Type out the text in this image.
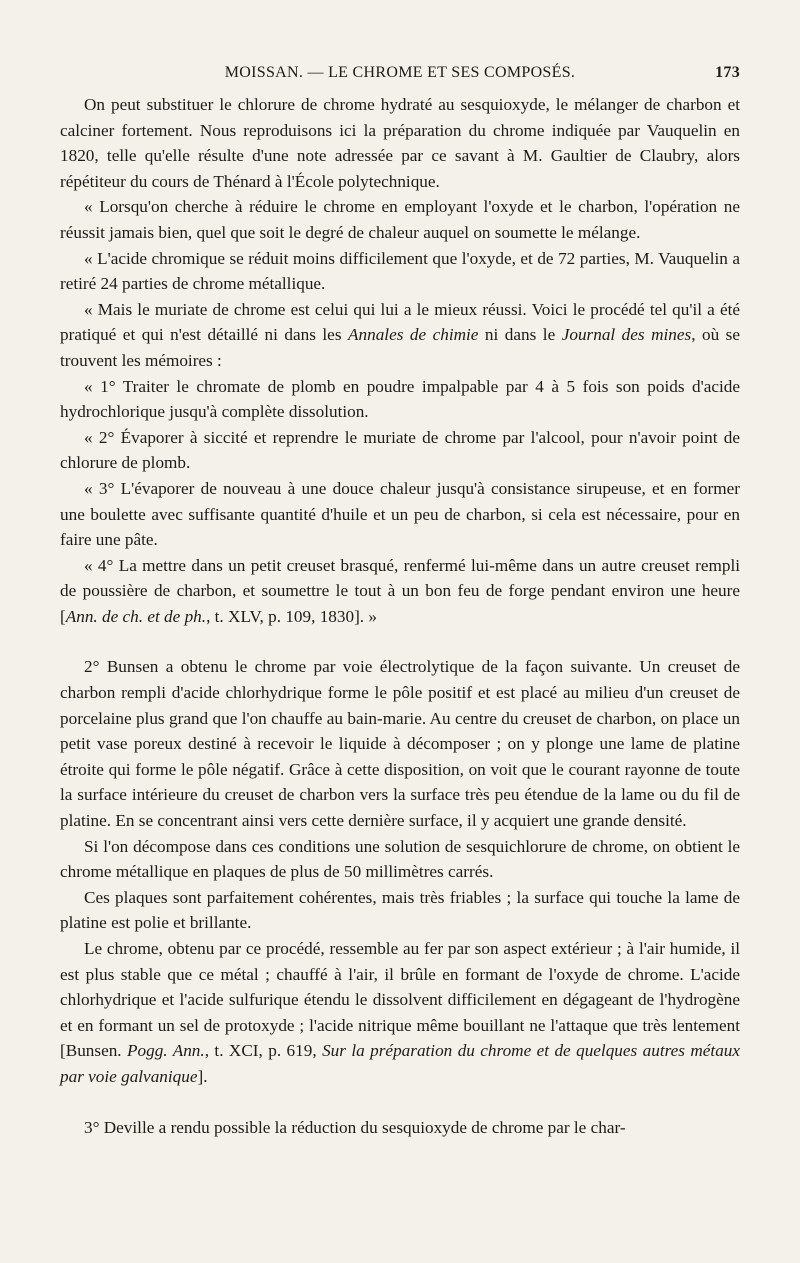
MOISSAN. — LE CHROME ET SES COMPOSÉS.	173

On peut substituer le chlorure de chrome hydraté au sesquioxyde, le mélanger de charbon et calciner fortement. Nous reproduisons ici la préparation du chrome indiquée par Vauquelin en 1820, telle qu'elle résulte d'une note adressée par ce savant à M. Gaultier de Claubry, alors répétiteur du cours de Thénard à l'École polytechnique.

« Lorsqu'on cherche à réduire le chrome en employant l'oxyde et le charbon, l'opération ne réussit jamais bien, quel que soit le degré de chaleur auquel on soumette le mélange.

« L'acide chromique se réduit moins difficilement que l'oxyde, et de 72 parties, M. Vauquelin a retiré 24 parties de chrome métallique.

« Mais le muriate de chrome est celui qui lui a le mieux réussi. Voici le procédé tel qu'il a été pratiqué et qui n'est détaillé ni dans les Annales de chimie ni dans le Journal des mines, où se trouvent les mémoires :

« 1° Traiter le chromate de plomb en poudre impalpable par 4 à 5 fois son poids d'acide hydrochlorique jusqu'à complète dissolution.

« 2° Évaporer à siccité et reprendre le muriate de chrome par l'alcool, pour n'avoir point de chlorure de plomb.

« 3° L'évaporer de nouveau à une douce chaleur jusqu'à consistance sirupeuse, et en former une boulette avec suffisante quantité d'huile et un peu de charbon, si cela est nécessaire, pour en faire une pâte.

« 4° La mettre dans un petit creuset brasqué, renfermé lui-même dans un autre creuset rempli de poussière de charbon, et soumettre le tout à un bon feu de forge pendant environ une heure [Ann. de ch. et de ph., t. XLV, p. 109, 1830]. »

2° Bunsen a obtenu le chrome par voie électrolytique de la façon suivante. Un creuset de charbon rempli d'acide chlorhydrique forme le pôle positif et est placé au milieu d'un creuset de porcelaine plus grand que l'on chauffe au bain-marie. Au centre du creuset de charbon, on place un petit vase poreux destiné à recevoir le liquide à décomposer ; on y plonge une lame de platine étroite qui forme le pôle négatif. Grâce à cette disposition, on voit que le courant rayonne de toute la surface intérieure du creuset de charbon vers la surface très peu étendue de la lame ou du fil de platine. En se concentrant ainsi vers cette dernière surface, il y acquiert une grande densité.

Si l'on décompose dans ces conditions une solution de sesquichlorure de chrome, on obtient le chrome métallique en plaques de plus de 50 millimètres carrés.

Ces plaques sont parfaitement cohérentes, mais très friables ; la surface qui touche la lame de platine est polie et brillante.

Le chrome, obtenu par ce procédé, ressemble au fer par son aspect extérieur ; à l'air humide, il est plus stable que ce métal ; chauffé à l'air, il brûle en formant de l'oxyde de chrome. L'acide chlorhydrique et l'acide sulfurique étendu le dissolvent difficilement en dégageant de l'hydrogène et en formant un sel de protoxyde ; l'acide nitrique même bouillant ne l'attaque que très lentement [Bunsen. Pogg. Ann., t. XCI, p. 619, Sur la préparation du chrome et de quelques autres métaux par voie galvanique].

3° Deville a rendu possible la réduction du sesquioxyde de chrome par le char-
